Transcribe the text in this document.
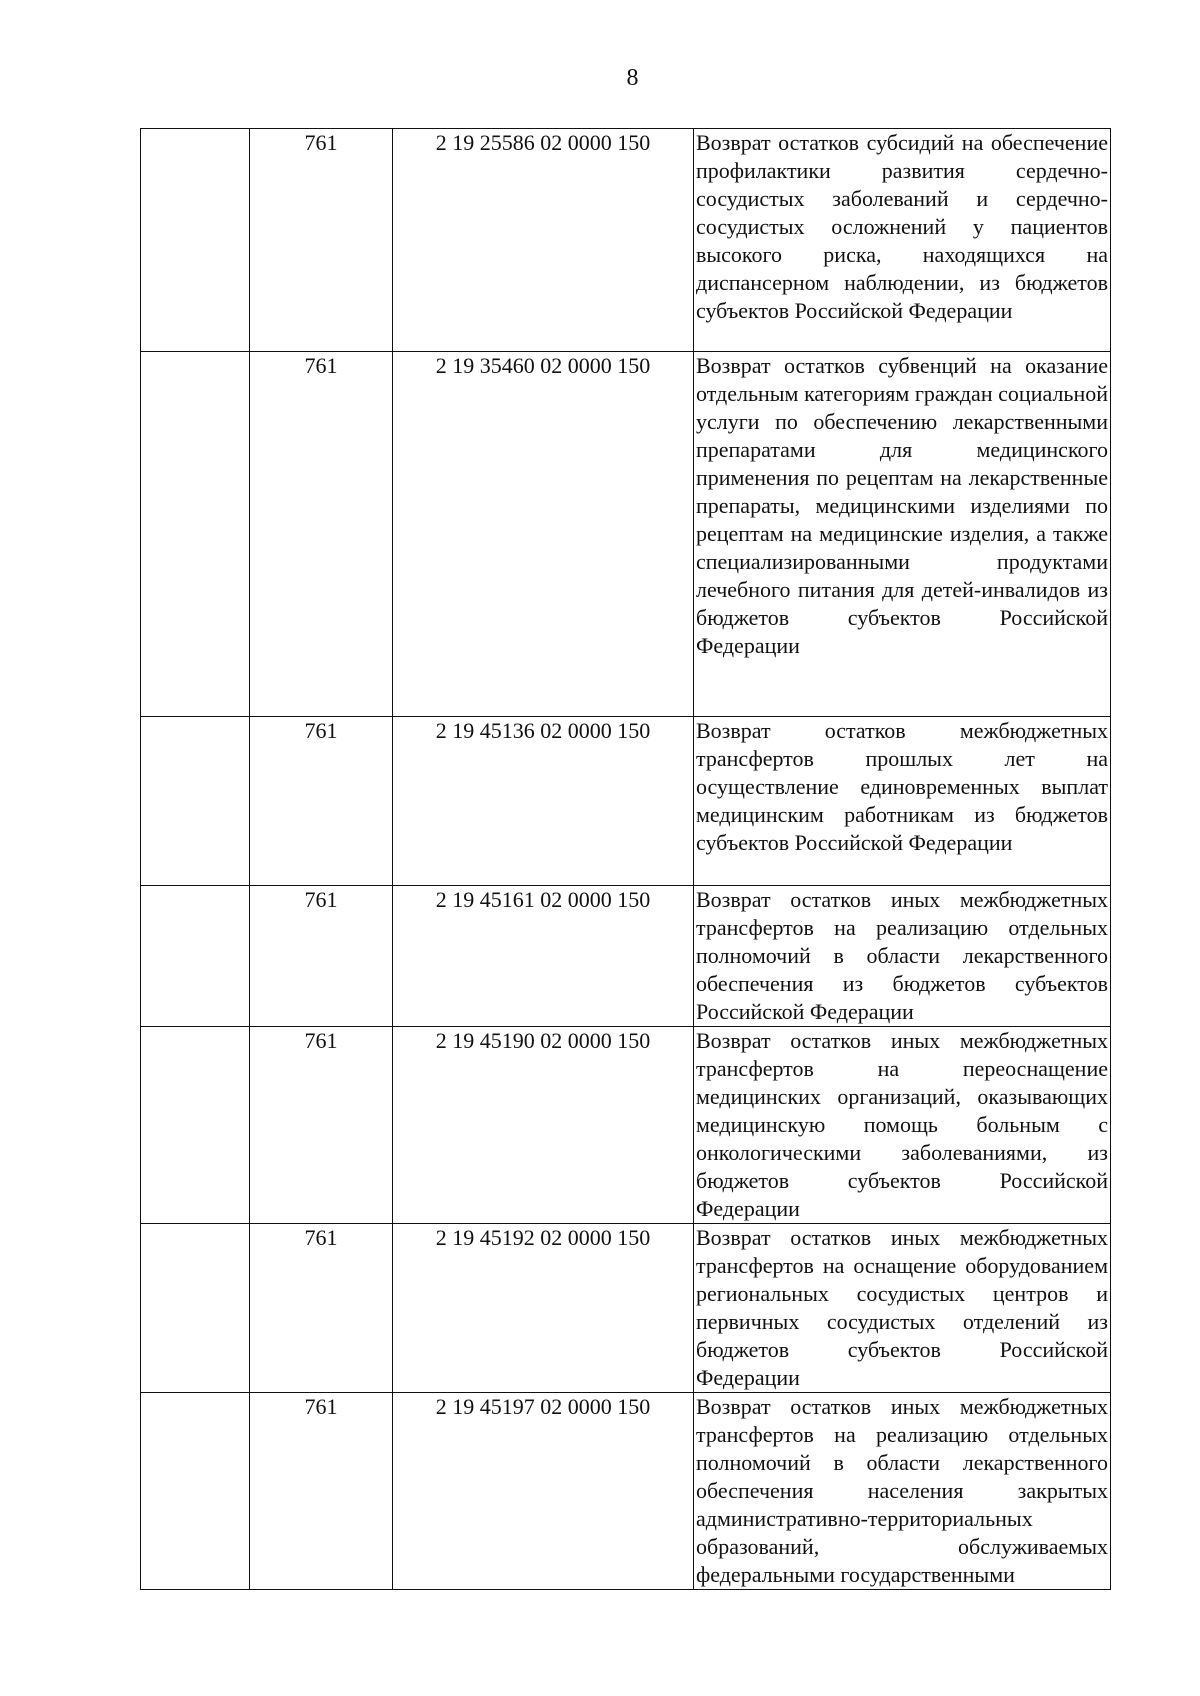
8

	761	2 19 25586 02 0000 150	Возврат остатков субсидий на обеспечение профилактики развития сердечно-сосудистых заболеваний и сердечно-сосудистых осложнений у пациентов высокого риска, находящихся на диспансерном наблюдении, из бюджетов субъектов Российской Федерации

	761	2 19 35460 02 0000 150	Возврат остатков субвенций на оказание отдельным категориям граждан социальной услуги по обеспечению лекарственными препаратами для медицинского применения по рецептам на лекарственные препараты, медицинскими изделиями по рецептам на медицинские изделия, а также специализированными продуктами лечебного питания для детей-инвалидов из бюджетов субъектов Российской Федерации

	761	2 19 45136 02 0000 150	Возврат остатков межбюджетных трансфертов прошлых лет на осуществление единовременных выплат медицинским работникам из бюджетов субъектов Российской Федерации

	761	2 19 45161 02 0000 150	Возврат остатков иных межбюджетных трансфертов на реализацию отдельных полномочий в области лекарственного обеспечения из бюджетов субъектов Российской Федерации

	761	2 19 45190 02 0000 150	Возврат остатков иных межбюджетных трансфертов на переоснащение медицинских организаций, оказывающих медицинскую помощь больным с онкологическими заболеваниями, из бюджетов субъектов Российской Федерации

	761	2 19 45192 02 0000 150	Возврат остатков иных межбюджетных трансфертов на оснащение оборудованием региональных сосудистых центров и первичных сосудистых отделений из бюджетов субъектов Российской Федерации

	761	2 19 45197 02 0000 150	Возврат остатков иных межбюджетных трансфертов на реализацию отдельных полномочий в области лекарственного обеспечения населения закрытых административно-территориальных образований, обслуживаемых федеральными государственными
